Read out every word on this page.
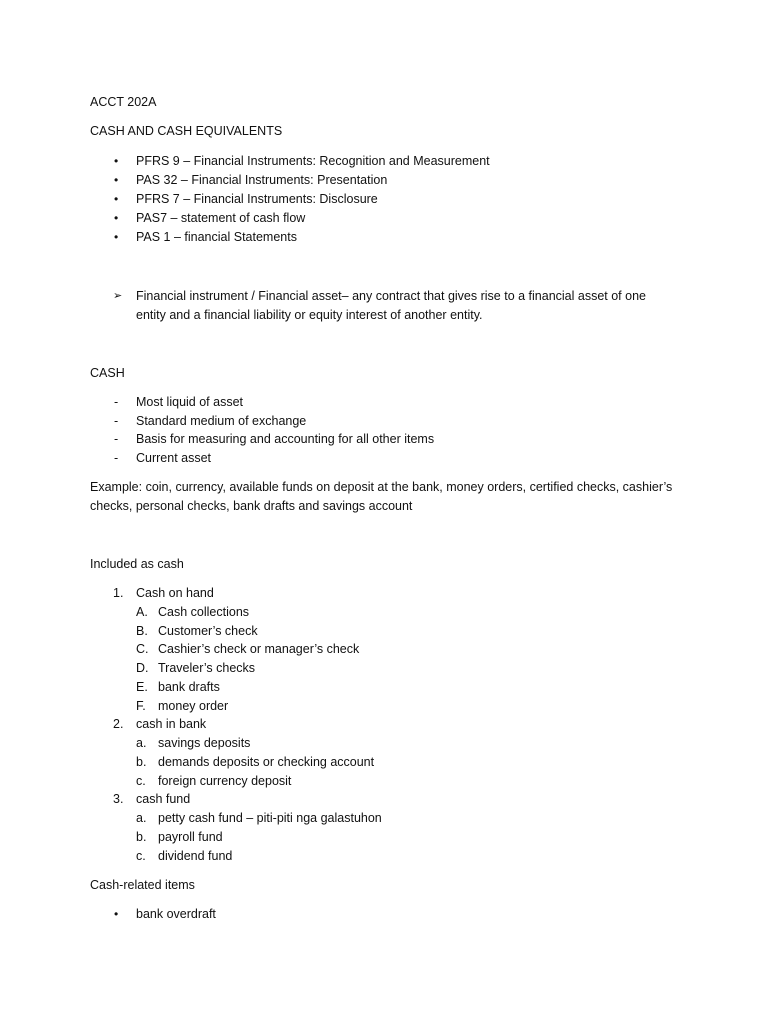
ACCT 202A
CASH AND CASH EQUIVALENTS
•	PFRS 9 – Financial Instruments: Recognition and Measurement
•	PAS 32 – Financial Instruments: Presentation
•	PFRS 7 – Financial Instruments: Disclosure
•	PAS7 – statement of cash flow
•	PAS 1 – financial Statements
➢	Financial instrument / Financial asset– any contract that gives rise to a financial asset of one
entity and a financial liability or equity interest of another entity.
CASH
-	Most liquid of asset
-	Standard medium of exchange
-	Basis for measuring and accounting for all other items
-	Current asset
Example: coin, currency, available funds on deposit at the bank, money orders, certified checks, cashier’s
checks, personal checks, bank drafts and savings account
Included as cash
1.	Cash on hand
A. Cash collections
B. Customer’s check
C. Cashier’s check or manager’s check
D. Traveler’s checks
E. bank drafts
F. money order
2.	cash in bank
a. savings deposits
b. demands deposits or checking account
c. foreign currency deposit
3.	cash fund
a. petty cash fund – piti-piti nga galastuhon
b. payroll fund
c. dividend fund
Cash-related items
•	bank overdraft
